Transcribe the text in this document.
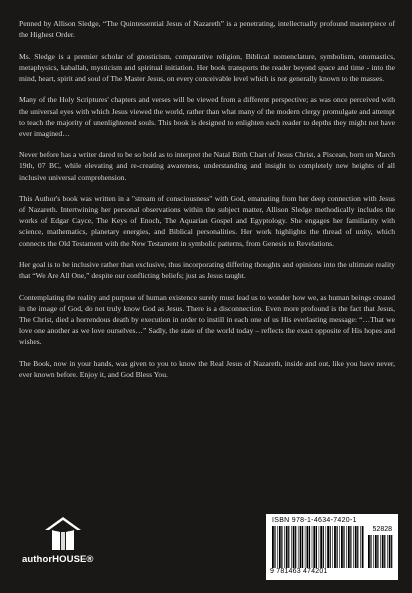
Penned by Allison Sledge, “The Quintessential Jesus of Nazareth” is a penetrating, intellectually profound masterpiece of the Highest Order.

Ms. Sledge is a premier scholar of gnosticism, comparative religion, Biblical nomenclature, symbolism, onomastics, metaphysics, kaballah, mysticism and spiritual initiation. Her book transports the reader beyond space and time - into the mind, heart, spirit and soul of The Master Jesus, on every conceivable level which is not generally known to the masses.

Many of the Holy Scriptures' chapters and verses will be viewed from a different perspective; as was once perceived with the universal eyes with which Jesus viewed the world, rather than what many of the modern clergy promulgate and attempt to teach the majority of unenlightened souls. This book is designed to enlighten each reader to depths they might not have ever imagined…

Never before has a writer dared to be so bold as to interpret the Natal Birth Chart of Jesus Christ, a Piscean, born on March 19th, 07 BC, while elevating and re-creating awareness, understanding and insight to completely new heights of all inclusive universal comprehension.

This Author's book was written in a "stream of consciousness" with God, emanating from her deep connection with Jesus of Nazareth. Intertwining her personal observations within the subject matter, Allison Sledge methodically includes the works of Edgar Cayce, The Keys of Enoch, The Aquarian Gospel and Egyptology. She engages her familiarity with science, mathematics, planetary energies, and Biblical personalities. Her work highlights the thread of unity, which connects the Old Testament with the New Testament in symbolic patterns, from Genesis to Revelations.

Her goal is to be inclusive rather than exclusive, thus incorporating differing thoughts and opinions into the ultimate reality that “We Are All One,” despite our conflicting beliefs; just as Jesus taught.

Contemplating the reality and purpose of human existence surely must lead us to wonder how we, as human beings created in the image of God, do not truly know God as Jesus. There is a disconnection. Even more profound is the fact that Jesus, The Christ, died a horrendous death by execution in order to instill in each one of us His everlasting message: “…That we love one another as we love ourselves…” Sadly, the state of the world today – reflects the exact opposite of His hopes and wishes.

The Book, now in your hands, was given to you to know the Real Jesus of Nazareth, inside and out, like you have never, ever known before. Enjoy it, and God Bless You.

authorHOUSE®
ISBN 978-1-4634-7420-1
52828
9 781463 474201
